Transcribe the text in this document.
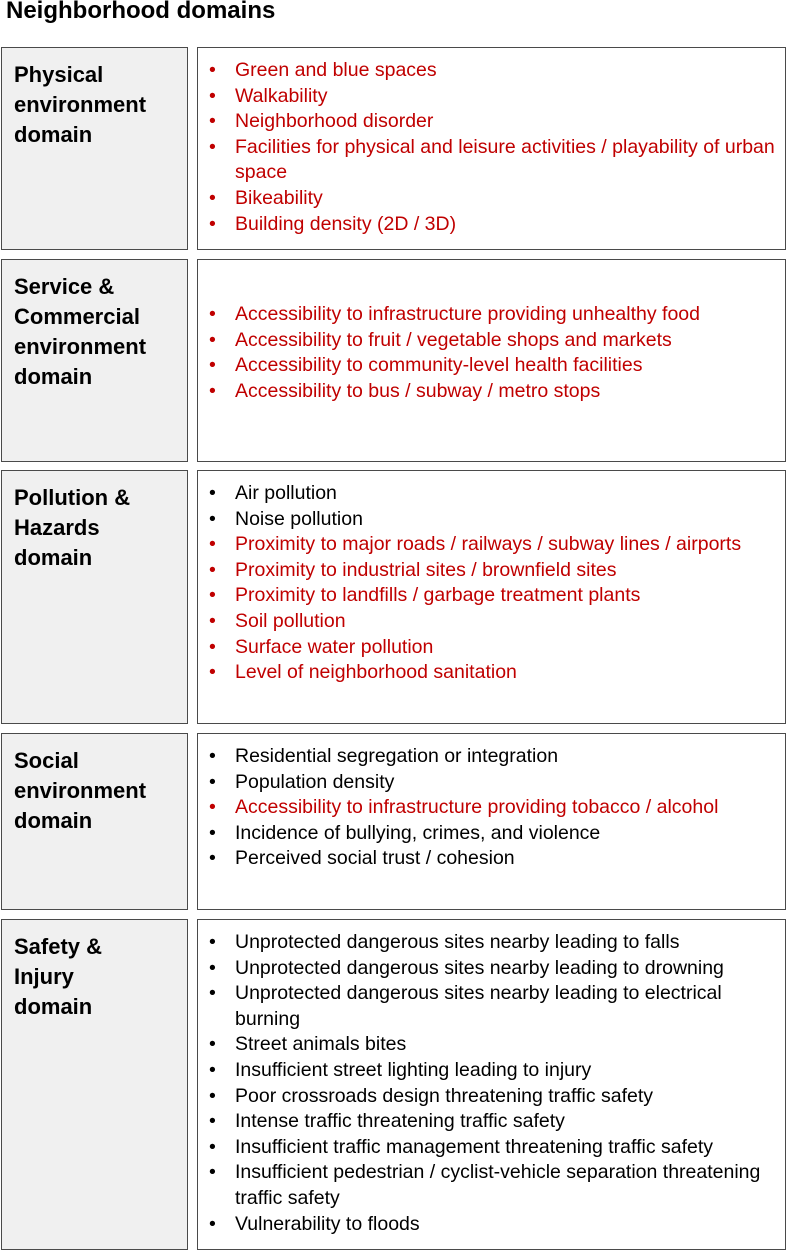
Neighborhood domains
Physical environment domain
• Green and blue spaces
• Walkability
• Neighborhood disorder
• Facilities for physical and leisure activities / playability of urban space
• Bikeability
• Building density (2D / 3D)
Service & Commercial environment domain
• Accessibility to infrastructure providing unhealthy food
• Accessibility to fruit / vegetable shops and markets
• Accessibility to community-level health facilities
• Accessibility to bus / subway / metro stops
Pollution & Hazards domain
• Air pollution
• Noise pollution
• Proximity to major roads / railways / subway lines / airports
• Proximity to industrial sites / brownfield sites
• Proximity to landfills / garbage treatment plants
• Soil pollution
• Surface water pollution
• Level of neighborhood sanitation
Social environment domain
• Residential segregation or integration
• Population density
• Accessibility to infrastructure providing tobacco / alcohol
• Incidence of bullying, crimes, and violence
• Perceived social trust / cohesion
Safety & Injury domain
• Unprotected dangerous sites nearby leading to falls
• Unprotected dangerous sites nearby leading to drowning
• Unprotected dangerous sites nearby leading to electrical burning
• Street animals bites
• Insufficient street lighting leading to injury
• Poor crossroads design threatening traffic safety
• Intense traffic threatening traffic safety
• Insufficient traffic management threatening traffic safety
• Insufficient pedestrian / cyclist-vehicle separation threatening traffic safety
• Vulnerability to floods
